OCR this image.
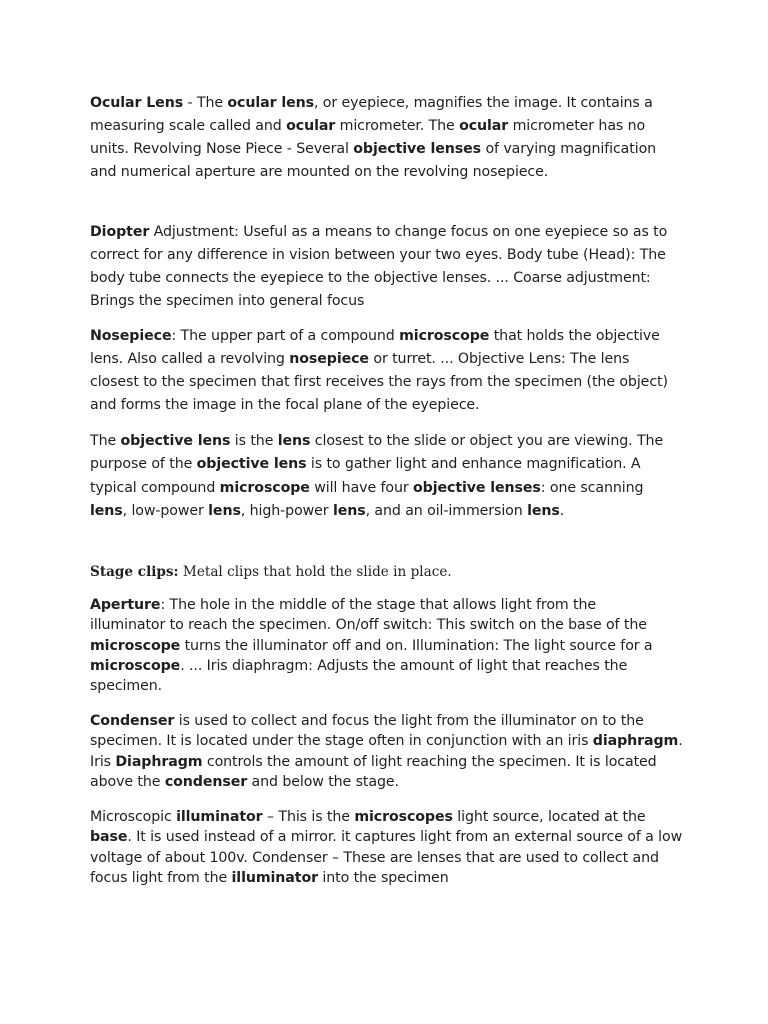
Ocular Lens - The ocular lens, or eyepiece, magnifies the image. It contains a measuring scale called and ocular micrometer. The ocular micrometer has no units. Revolving Nose Piece - Several objective lenses of varying magnification and numerical aperture are mounted on the revolving nosepiece.

Diopter Adjustment: Useful as a means to change focus on one eyepiece so as to correct for any difference in vision between your two eyes. Body tube (Head): The body tube connects the eyepiece to the objective lenses. ... Coarse adjustment: Brings the specimen into general focus

Nosepiece: The upper part of a compound microscope that holds the objective lens. Also called a revolving nosepiece or turret. ... Objective Lens: The lens closest to the specimen that first receives the rays from the specimen (the object) and forms the image in the focal plane of the eyepiece.

The objective lens is the lens closest to the slide or object you are viewing. The purpose of the objective lens is to gather light and enhance magnification. A typical compound microscope will have four objective lenses: one scanning lens, low-power lens, high-power lens, and an oil-immersion lens.

Stage clips: Metal clips that hold the slide in place.

Aperture: The hole in the middle of the stage that allows light from the illuminator to reach the specimen. On/off switch: This switch on the base of the microscope turns the illuminator off and on. Illumination: The light source for a microscope. ... Iris diaphragm: Adjusts the amount of light that reaches the specimen.

Condenser is used to collect and focus the light from the illuminator on to the specimen. It is located under the stage often in conjunction with an iris diaphragm. Iris Diaphragm controls the amount of light reaching the specimen. It is located above the condenser and below the stage.

Microscopic illuminator – This is the microscopes light source, located at the base. It is used instead of a mirror. it captures light from an external source of a low voltage of about 100v. Condenser – These are lenses that are used to collect and focus light from the illuminator into the specimen
